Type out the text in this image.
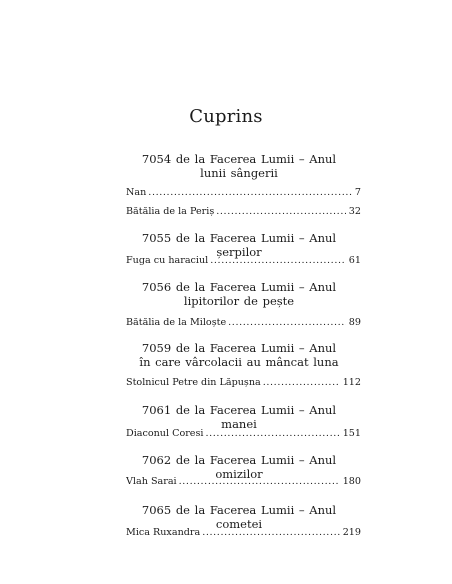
Cuprins
7054 de la Facerea Lumii – Anul
lunii sângerii
Nan .....	7
Bătălia de la Periș .....	32
7055 de la Facerea Lumii – Anul șerpilor
Fuga cu haraciul .....	61
7056 de la Facerea Lumii – Anul
lipitorilor de pește
Bătălia de la Miloște .....	89
7059 de la Facerea Lumii – Anul
în care vârcolacii au mâncat luna
Stolnicul Petre din Lăpușna .....	112
7061 de la Facerea Lumii – Anul manei
Diaconul Coresi .....	151
7062 de la Facerea Lumii – Anul omizilor
Vlah Sarai .....	180
7065 de la Facerea Lumii – Anul cometei
Mica Ruxandra .....	219
